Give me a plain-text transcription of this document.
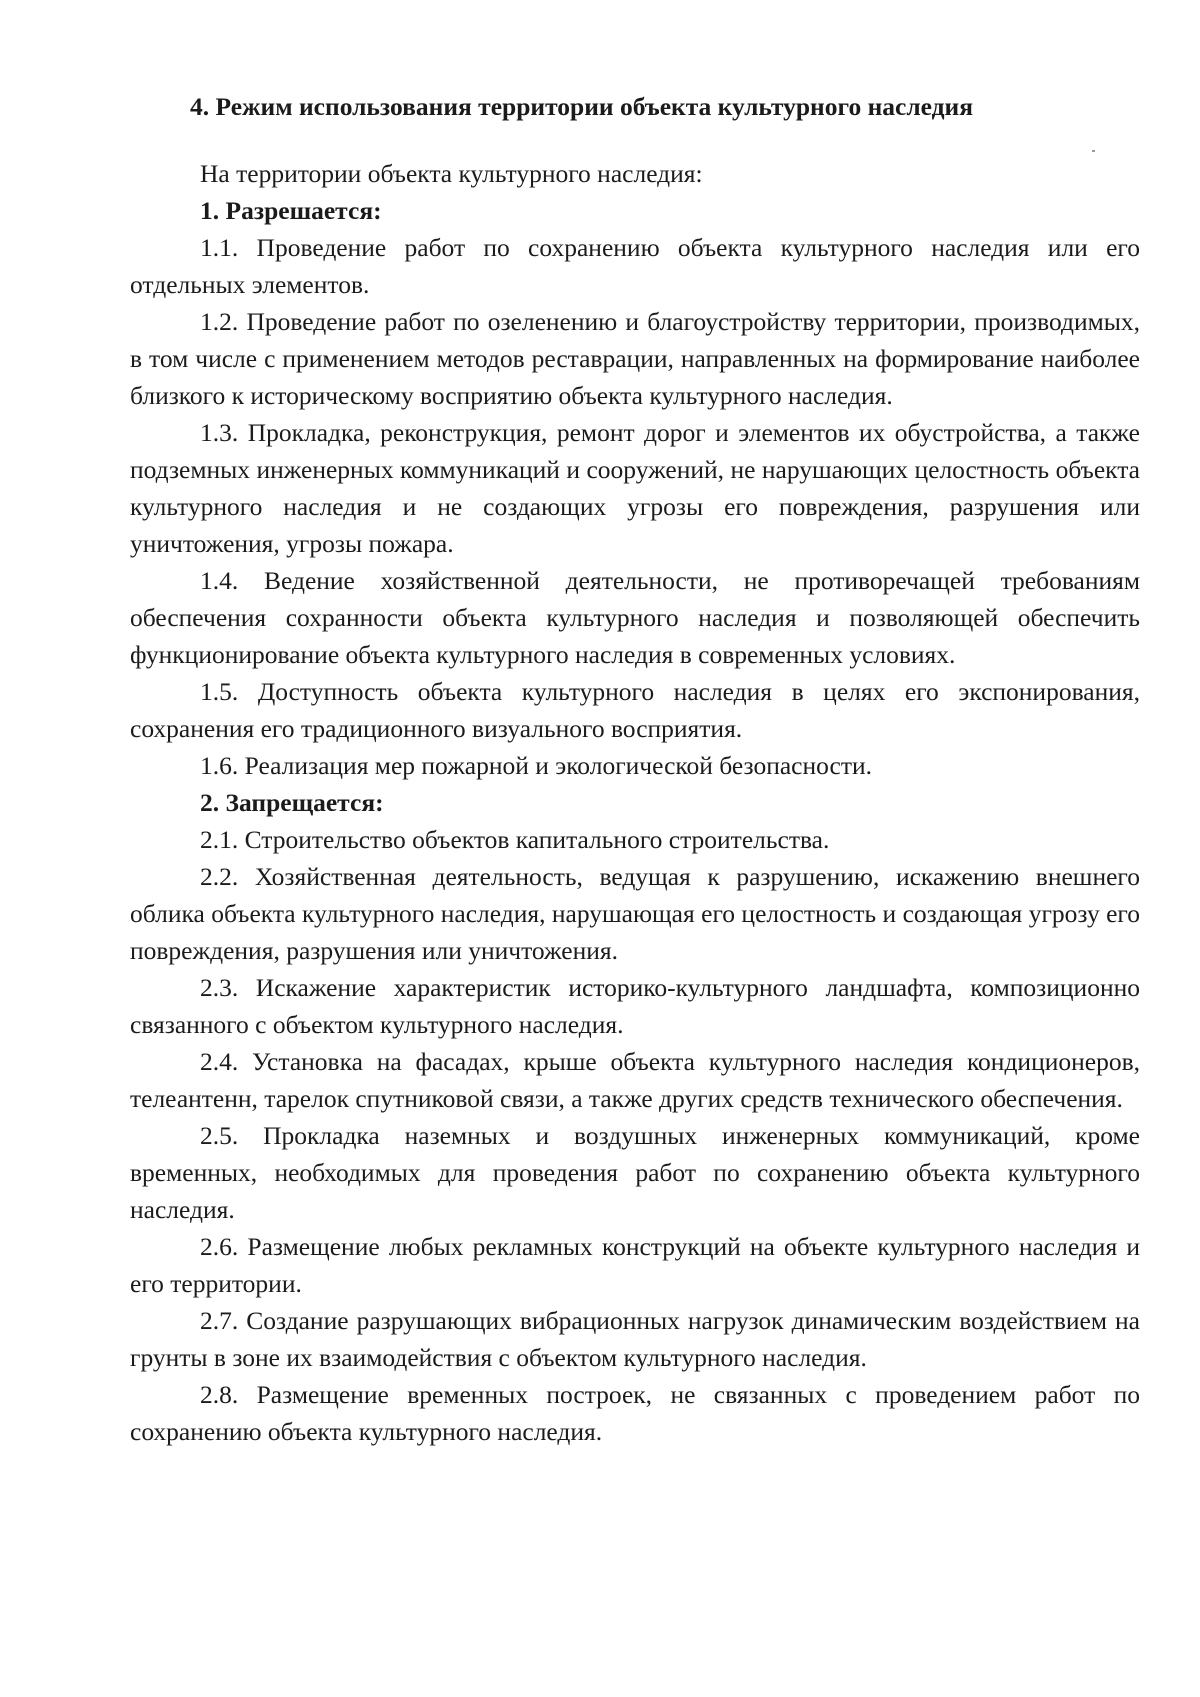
4. Режим использования территории объекта культурного наследия

На территории объекта культурного наследия:

1. Разрешается:

1.1. Проведение работ по сохранению объекта культурного наследия или его отдельных элементов.

1.2. Проведение работ по озеленению и благоустройству территории, производимых, в том числе с применением методов реставрации, направленных на формирование наиболее близкого к историческому восприятию объекта культурного наследия.

1.3. Прокладка, реконструкция, ремонт дорог и элементов их обустройства, а также подземных инженерных коммуникаций и сооружений, не нарушающих целостность объекта культурного наследия и не создающих угрозы его повреждения, разрушения или уничтожения, угрозы пожара.

1.4. Ведение хозяйственной деятельности, не противоречащей требованиям обеспечения сохранности объекта культурного наследия и позволяющей обеспечить функционирование объекта культурного наследия в современных условиях.

1.5. Доступность объекта культурного наследия в целях его экспонирования, сохранения его традиционного визуального восприятия.

1.6. Реализация мер пожарной и экологической безопасности.

2. Запрещается:

2.1. Строительство объектов капитального строительства.

2.2. Хозяйственная деятельность, ведущая к разрушению, искажению внешнего облика объекта культурного наследия, нарушающая его целостность и создающая угрозу его повреждения, разрушения или уничтожения.

2.3. Искажение характеристик историко-культурного ландшафта, композиционно связанного с объектом культурного наследия.

2.4. Установка на фасадах, крыше объекта культурного наследия кондиционеров, телеантенн, тарелок спутниковой связи, а также других средств технического обеспечения.

2.5. Прокладка наземных и воздушных инженерных коммуникаций, кроме временных, необходимых для проведения работ по сохранению объекта культурного наследия.

2.6. Размещение любых рекламных конструкций на объекте культурного наследия и его территории.

2.7. Создание разрушающих вибрационных нагрузок динамическим воздействием на грунты в зоне их взаимодействия с объектом культурного наследия.

2.8. Размещение временных построек, не связанных с проведением работ по сохранению объекта культурного наследия.
